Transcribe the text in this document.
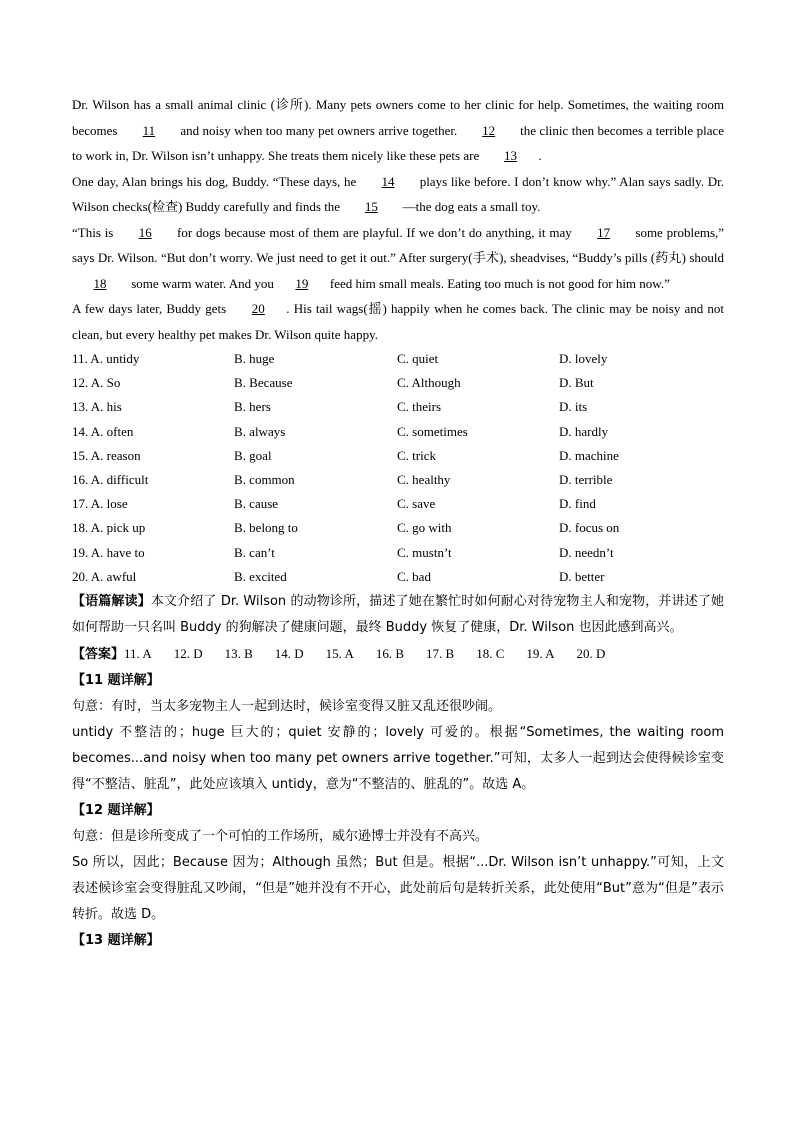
Dr. Wilson has a small animal clinic (诊所). Many pets owners come to her clinic for help. Sometimes, the waiting room becomes 11 and noisy when too many pet owners arrive together. 12 the clinic then becomes a terrible place to work in, Dr. Wilson isn’t unhappy. She treats them nicely like these pets are 13 .

One day, Alan brings his dog, Buddy. “These days, he 14 plays like before. I don’t know why.” Alan says sadly. Dr. Wilson checks(检查) Buddy carefully and finds the 15 —the dog eats a small toy.

“This is 16 for dogs because most of them are playful. If we don’t do anything, it may 17 some problems,” says Dr. Wilson. “But don’t worry. We just need to get it out.” After surgery(手术), sheadvises, “Buddy’s pills (药丸) should 18 some warm water. And you 19 feed him small meals. Eating too much is not good for him now.”

A few days later, Buddy gets 20 . His tail wags(摇) happily when he comes back. The clinic may be noisy and not clean, but every healthy pet makes Dr. Wilson quite happy.

11. A. untidy	B. huge	C. quiet	D. lovely
12. A. So	B. Because	C. Although	D. But
13. A. his	B. hers	C. theirs	D. its
14. A. often	B. always	C. sometimes	D. hardly
15. A. reason	B. goal	C. trick	D. machine
16. A. difficult	B. common	C. healthy	D. terrible
17. A. lose	B. cause	C. save	D. find
18. A. pick up	B. belong to	C. go with	D. focus on
19. A. have to	B. can’t	C. mustn’t	D. needn’t
20. A. awful	B. excited	C. bad	D. better

【语篇解读】本文介绍了 Dr. Wilson 的动物诊所，描述了她在繁忙时如何耐心对待宠物主人和宠物，并讲述了她如何帮助一只名叫 Buddy 的狗解决了健康问题，最终 Buddy 恢复了健康，Dr. Wilson 也因此感到高兴。

【答案】11. A 12. D 13. B 14. D 15. A 16. B 17. B 18. C 19. A 20. D

【11 题详解】

句意：有时，当太多宠物主人一起到达时，候诊室变得又脏又乱还很吵闹。

untidy 不整洁的；huge 巨大的；quiet 安静的；lovely 可爱的。根据“Sometimes, the waiting room becomes...and noisy when too many pet owners arrive together.”可知，太多人一起到达会使得候诊室变得“不整洁、脏乱”，此处应该填入 untidy，意为“不整洁的、脏乱的”。故选 A。

【12 题详解】

句意：但是诊所变成了一个可怕的工作场所，威尔逊博士并没有不高兴。

So 所以，因此；Because 因为；Although 虽然；But 但是。根据“...Dr. Wilson isn’t unhappy.”可知，上文表述候诊室会变得脏乱又吵闹，“但是”她并没有不开心，此处前后句是转折关系，此处使用“But”意为“但是”表示转折。故选 D。

【13 题详解】
